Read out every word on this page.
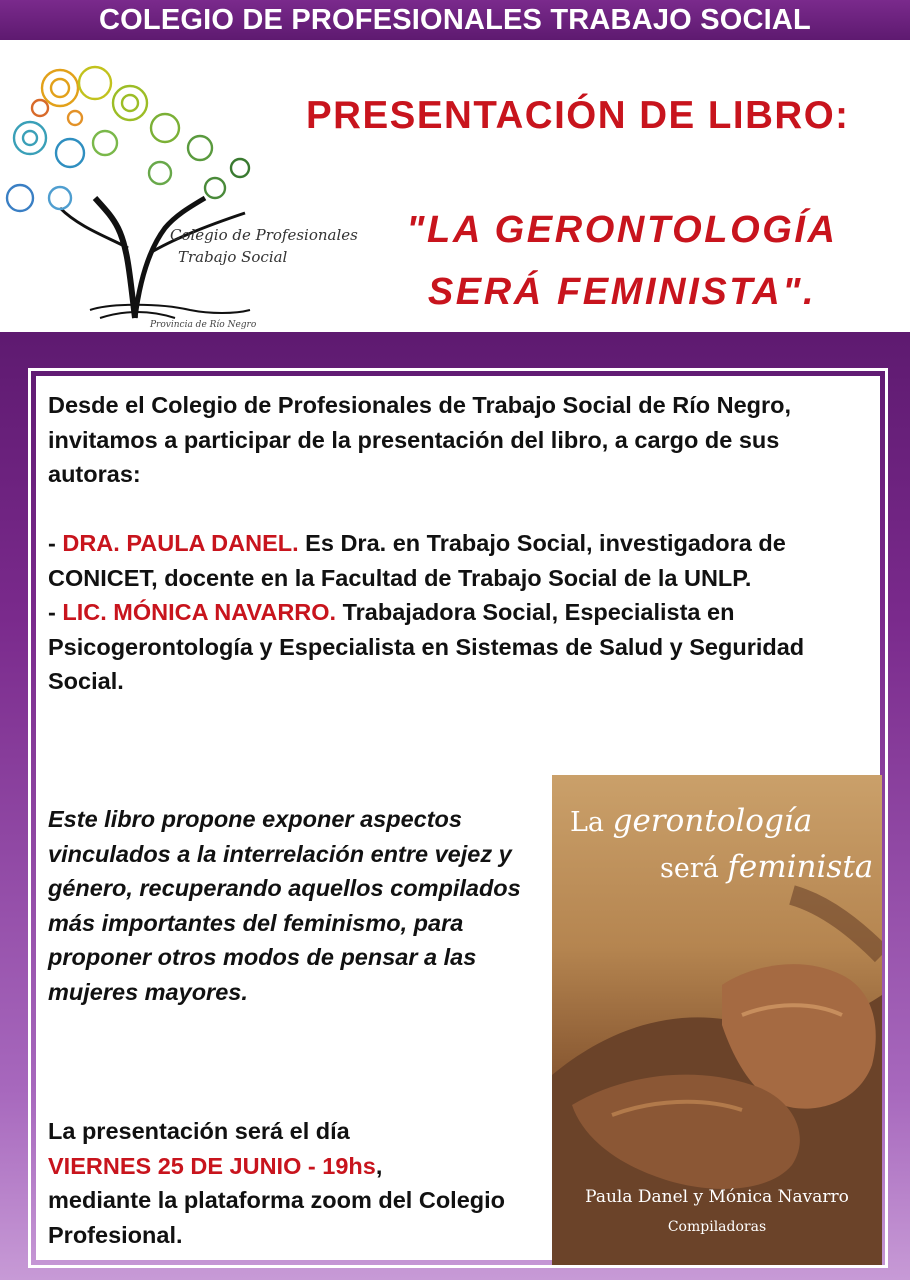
COLEGIO DE PROFESIONALES TRABAJO SOCIAL
Colegio de Profesionales
Trabajo Social
Provincia de Río Negro
PRESENTACIÓN DE LIBRO:
"LA GERONTOLOGÍA
SERÁ FEMINISTA".

Desde el Colegio de Profesionales de Trabajo Social de Río Negro, invitamos a participar de la presentación del libro, a cargo de sus autoras:

- DRA. PAULA DANEL. Es Dra. en Trabajo Social, investigadora de CONICET, docente en la Facultad de Trabajo Social de la UNLP.

- LIC. MÓNICA NAVARRO. Trabajadora Social, Especialista en Psicogerontología y Especialista en Sistemas de Salud y Seguridad Social.

Este libro propone exponer aspectos vinculados a la interrelación entre vejez y género, recuperando aquellos compilados más importantes del feminismo, para proponer otros modos de pensar a las mujeres mayores.
La presentación será el día
VIERNES 25 DE JUNIO - 19hs,
mediante la plataforma zoom del Colegio Profesional.
La gerontología
será feminista
Paula Danel y Mónica Navarro
Compiladoras
